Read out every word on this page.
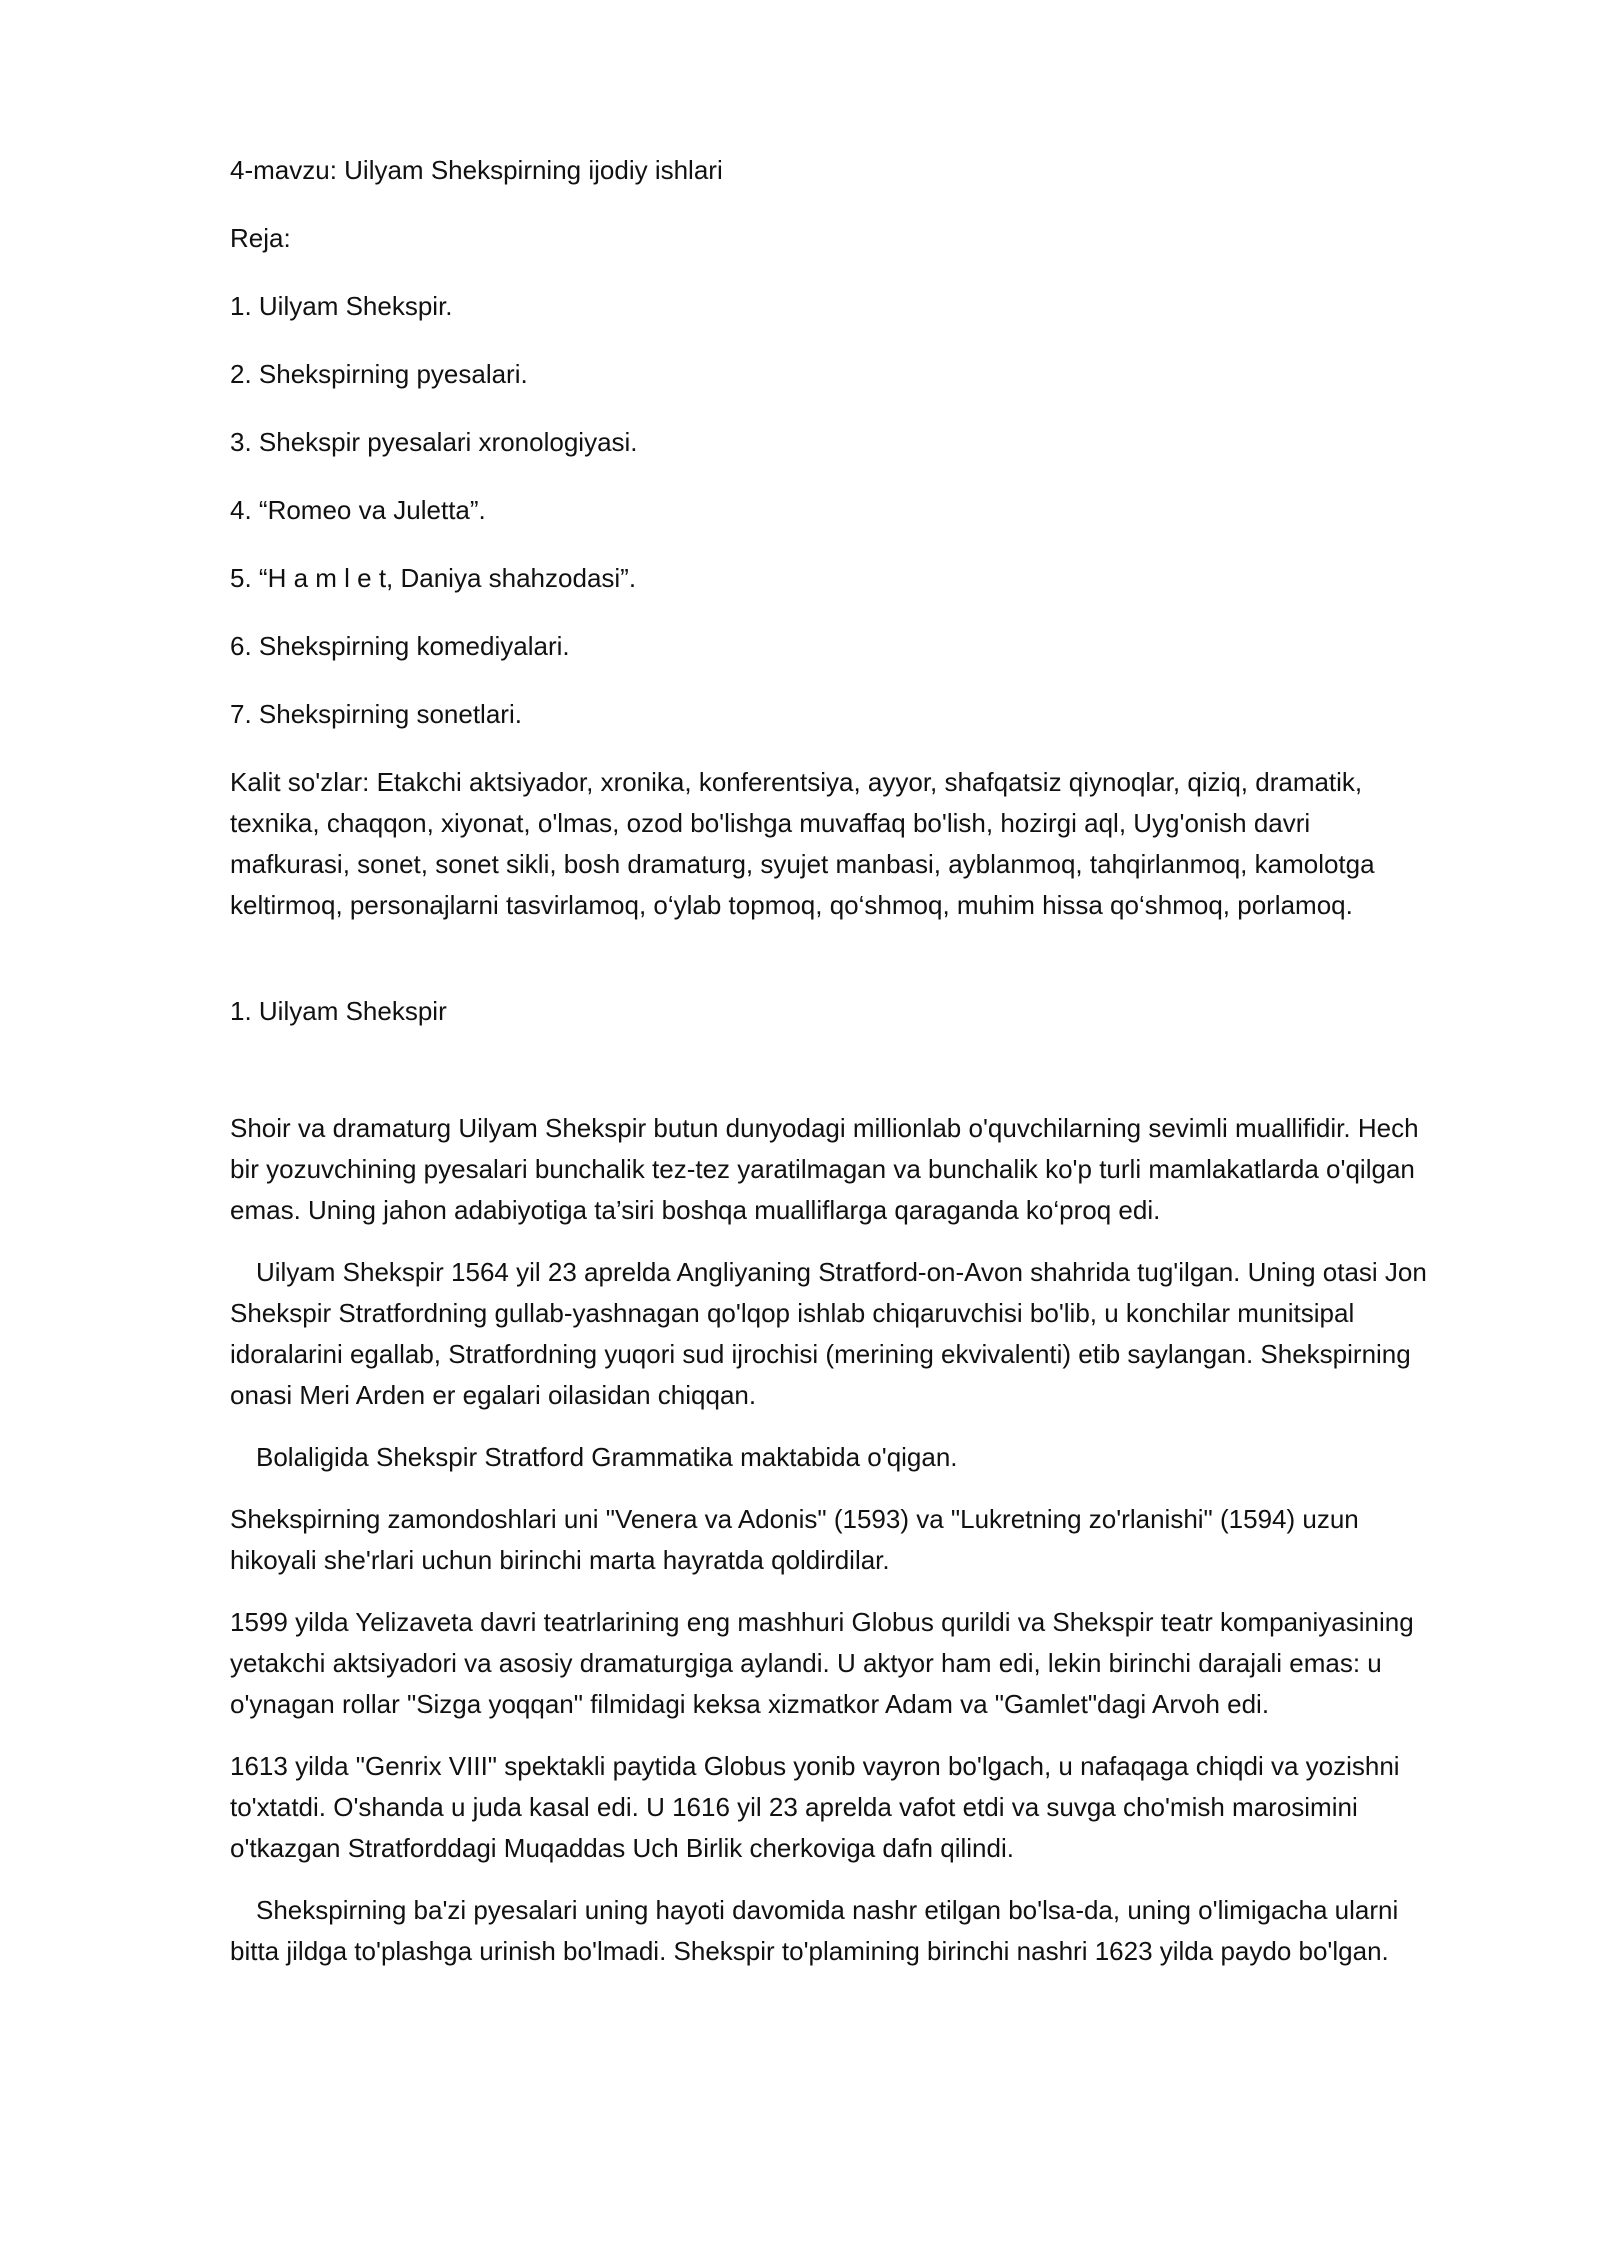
4-mavzu: Uilyam Shekspirning ijodiy ishlari

Reja:

1. Uilyam Shekspir.

2. Shekspirning pyesalari.

3. Shekspir pyesalari xronologiyasi.

4. “Romeo va Juletta”.

5. “H a m l e t, Daniya shahzodasi”.

6. Shekspirning komediyalari.

7. Shekspirning sonetlari.

Kalit so'zlar: Etakchi aktsiyador, xronika, konferentsiya, ayyor, shafqatsiz qiynoqlar, qiziq, dramatik,

texnika, chaqqon, xiyonat, o'lmas, ozod bo'lishga muvaffaq bo'lish, hozirgi aql, Uyg'onish davri

mafkurasi, sonet, sonet sikli, bosh dramaturg, syujet manbasi, ayblanmoq, tahqirlanmoq, kamolotga

keltirmoq, personajlarni tasvirlamoq, o‘ylab topmoq, qo‘shmoq, muhim hissa qo‘shmoq, porlamoq.

1. Uilyam Shekspir

Shoir va dramaturg Uilyam Shekspir butun dunyodagi millionlab o'quvchilarning sevimli muallifidir. Hech

bir yozuvchining pyesalari bunchalik tez-tez yaratilmagan va bunchalik ko'p turli mamlakatlarda o'qilgan

emas. Uning jahon adabiyotiga ta’siri boshqa mualliflarga qaraganda ko‘proq edi.

Uilyam Shekspir 1564 yil 23 aprelda Angliyaning Stratford-on-Avon shahrida tug'ilgan. Uning otasi Jon

Shekspir Stratfordning gullab-yashnagan qo'lqop ishlab chiqaruvchisi bo'lib, u konchilar munitsipal

idoralarini egallab, Stratfordning yuqori sud ijrochisi (merining ekvivalenti) etib saylangan. Shekspirning

onasi Meri Arden er egalari oilasidan chiqqan.

Bolaligida Shekspir Stratford Grammatika maktabida o'qigan.

Shekspirning zamondoshlari uni "Venera va Adonis" (1593) va "Lukretning zo'rlanishi" (1594) uzun

hikoyali she'rlari uchun birinchi marta hayratda qoldirdilar.

1599 yilda Yelizaveta davri teatrlarining eng mashhuri Globus qurildi va Shekspir teatr kompaniyasining

yetakchi aktsiyadori va asosiy dramaturgiga aylandi. U aktyor ham edi, lekin birinchi darajali emas: u

o'ynagan rollar "Sizga yoqqan" filmidagi keksa xizmatkor Adam va "Gamlet"dagi Arvoh edi.

1613 yilda "Genrix VIII" spektakli paytida Globus yonib vayron bo'lgach, u nafaqaga chiqdi va yozishni

to'xtatdi. O'shanda u juda kasal edi. U 1616 yil 23 aprelda vafot etdi va suvga cho'mish marosimini

o'tkazgan Stratforddagi Muqaddas Uch Birlik cherkoviga dafn qilindi.

Shekspirning ba'zi pyesalari uning hayoti davomida nashr etilgan bo'lsa-da, uning o'limigacha ularni

bitta jildga to'plashga urinish bo'lmadi. Shekspir to'plamining birinchi nashri 1623 yilda paydo bo'lgan.
